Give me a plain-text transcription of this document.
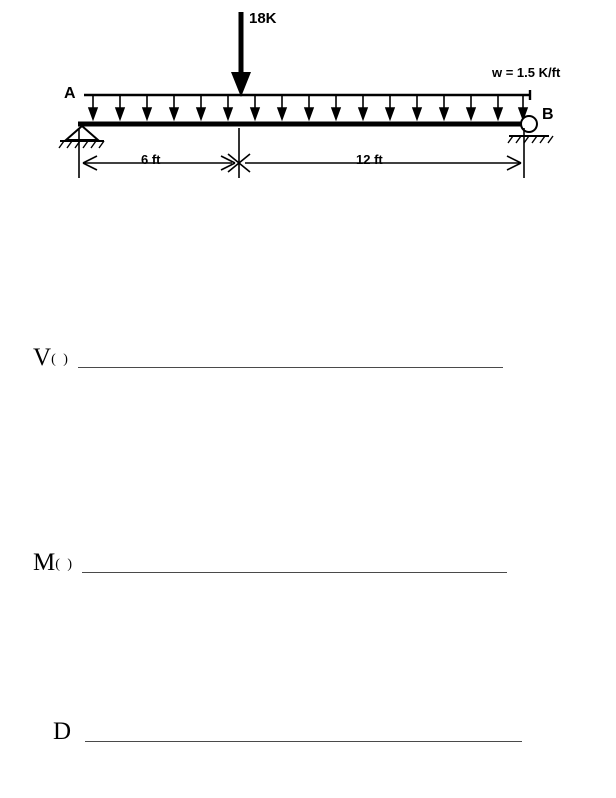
18K
w = 1.5 K/ft
A
B
6 ft	12 ft
V ( )
M ( )
D
